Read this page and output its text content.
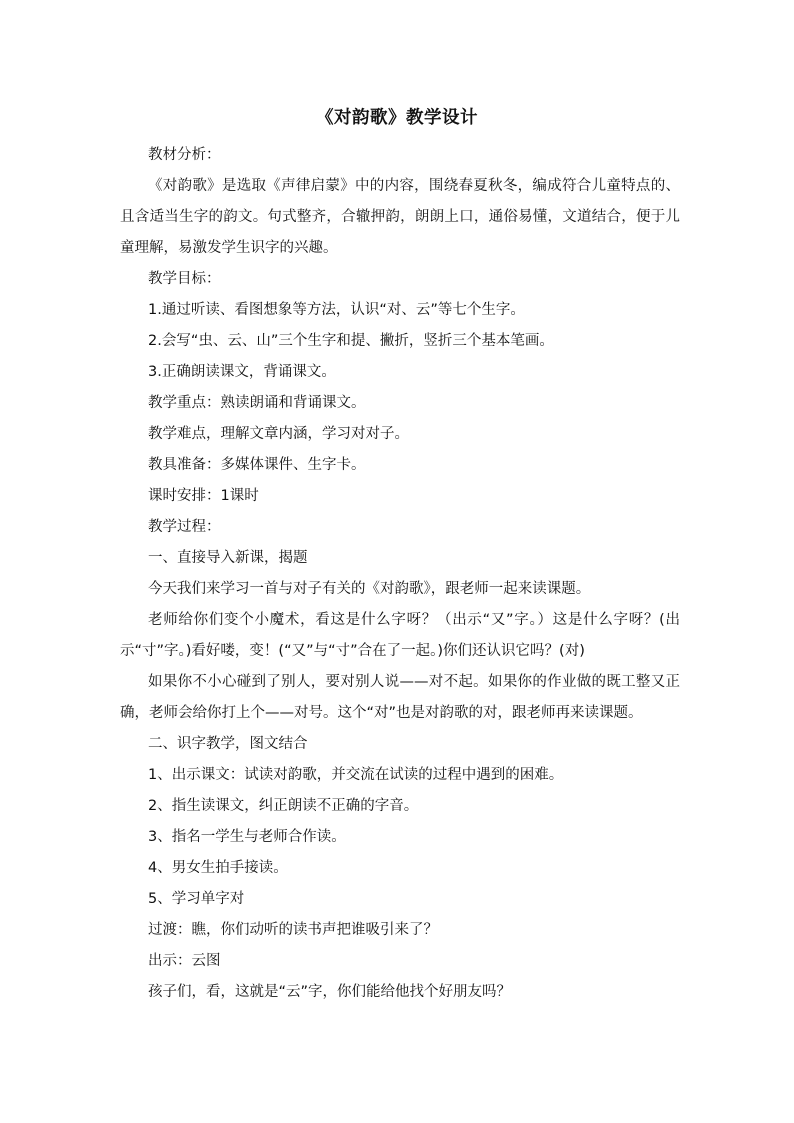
《对韵歌》教学设计

教材分析：

《对韵歌》是选取《声律启蒙》中的内容，围绕春夏秋冬，编成符合儿童特点的、且含适当生字的韵文。句式整齐，合辙押韵，朗朗上口，通俗易懂，文道结合，便于儿童理解，易激发学生识字的兴趣。

教学目标：

1.通过听读、看图想象等方法，认识“对、云”等七个生字。

2.会写“虫、云、山”三个生字和提、撇折，竖折三个基本笔画。

3.正确朗读课文，背诵课文。

教学重点：熟读朗诵和背诵课文。

教学难点，理解文章内涵，学习对对子。

教具准备：多媒体课件、生字卡。

课时安排：1课时

教学过程：

一、直接导入新课，揭题

今天我们来学习一首与对子有关的《对韵歌》，跟老师一起来读课题。

老师给你们变个小魔术，看这是什么字呀？（出示“又”字。）这是什么字呀？(出示“寸”字。)看好喽，变！(“又”与“寸”合在了一起。)你们还认识它吗？(对)

如果你不小心碰到了别人，要对别人说——对不起。如果你的作业做的既工整又正确，老师会给你打上个——对号。这个“对”也是对韵歌的对，跟老师再来读课题。

二、识字教学，图文结合

1、出示课文：试读对韵歌，并交流在试读的过程中遇到的困难。

2、指生读课文，纠正朗读不正确的字音。

3、指名一学生与老师合作读。

4、男女生拍手接读。

5、学习单字对

过渡：瞧，你们动听的读书声把谁吸引来了？

出示：云图

孩子们，看，这就是“云”字，你们能给他找个好朋友吗？
